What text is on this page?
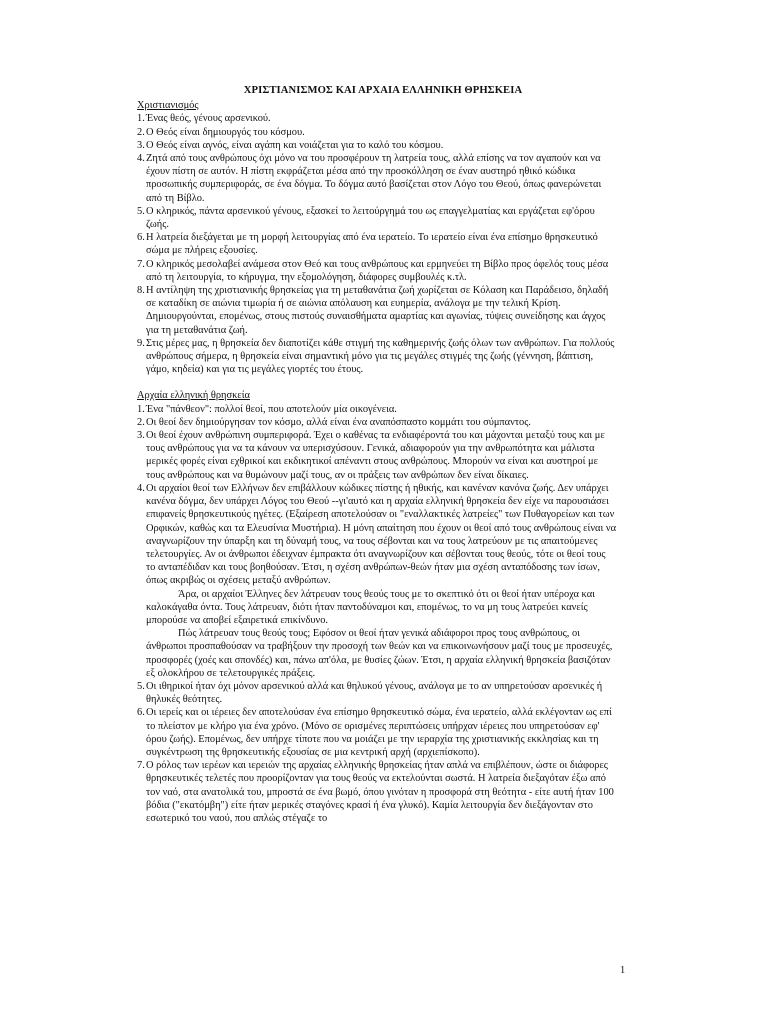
ΧΡΙΣΤΙΑΝΙΣΜΟΣ ΚΑΙ ΑΡΧΑΙΑ ΕΛΛΗΝΙΚΗ ΘΡΗΣΚΕΙΑ
Χριστιανισμός
1. Ένας θεός, γένους αρσενικού.

2. Ο Θεός είναι δημιουργός του κόσμου.

3. Ο Θεός είναι αγνός, είναι αγάπη και νοιάζεται για το καλό του κόσμου.

4. Ζητά από τους ανθρώπους όχι μόνο να του προσφέρουν τη λατρεία τους, αλλά επίσης να τον αγαπούν και να έχουν πίστη σε αυτόν. Η πίστη εκφράζεται μέσα από την προσκόλληση σε έναν αυστηρό ηθικό κώδικα προσωπικής συμπεριφοράς, σε ένα δόγμα. Το δόγμα αυτό βασίζεται στον Λόγο του Θεού, όπως φανερώνεται από τη Βίβλο.

5. Ο κληρικός, πάντα αρσενικού γένους, εξασκεί το λειτούργημά του ως επαγγελματίας και εργάζεται εφ'όρου ζωής.

6. Η λατρεία διεξάγεται με τη μορφή λειτουργίας από ένα ιερατείο. Το ιερατείο είναι ένα επίσημο θρησκευτικό σώμα με πλήρεις εξουσίες.

7. Ο κληρικός μεσολαβεί ανάμεσα στον Θεό και τους ανθρώπους και ερμηνεύει τη Βίβλο προς όφελός τους μέσα από τη λειτουργία, το κήρυγμα, την εξομολόγηση, διάφορες συμβουλές κ.τλ.

8. Η αντίληψη της χριστιανικής θρησκείας για τη μεταθανάτια ζωή χωρίζεται σε Κόλαση και Παράδεισο, δηλαδή σε καταδίκη σε αιώνια τιμωρία ή σε αιώνια απόλαυση και ευημερία, ανάλογα με την τελική Κρίση. Δημιουργούνται, επομένως, στους πιστούς συναισθήματα αμαρτίας και αγωνίας, τύψεις συνείδησης και άγχος για τη μεταθανάτια ζωή.

9. Στις μέρες μας, η θρησκεία δεν διαποτίζει κάθε στιγμή της καθημερινής ζωής όλων των ανθρώπων. Για πολλούς ανθρώπους σήμερα, η θρησκεία είναι σημαντική μόνο για τις μεγάλες στιγμές της ζωής (γέννηση, βάπτιση, γάμο, κηδεία) και για τις μεγάλες γιορτές του έτους.

Αρχαία ελληνική θρησκεία
1. Ένα "πάνθεον": πολλοί θεοί, που αποτελούν μία οικογένεια.

2. Οι θεοί δεν δημιούργησαν τον κόσμο, αλλά είναι ένα αναπόσπαστο κομμάτι του σύμπαντος.

3. Οι θεοί έχουν ανθρώπινη συμπεριφορά. Έχει ο καθένας τα ενδιαφέροντά του και μάχονται μεταξύ τους και με τους ανθρώπους για να τα κάνουν να υπερισχύσουν. Γενικά, αδιαφορούν για την ανθρωπότητα και μάλιστα μερικές φορές είναι εχθρικοί και εκδικητικοί απέναντι στους ανθρώπους. Μπορούν να είναι και αυστηροί με τους ανθρώπους και να θυμώνουν μαζί τους, αν οι πράξεις των ανθρώπων δεν είναι δίκαιες.

4. Οι αρχαίοι θεοί των Ελλήνων δεν επιβάλλουν κώδικες πίστης ή ηθικής, και κανέναν κανόνα ζωής. Δεν υπάρχει κανένα δόγμα, δεν υπάρχει Λόγος του Θεού --γι'αυτό και η αρχαία ελληνική θρησκεία δεν είχε να παρουσιάσει επιφανείς θρησκευτικούς ηγέτες. (Εξαίρεση αποτελούσαν οι "εναλλακτικές λατρείες" των Πυθαγορείων και των Ορφικών, καθώς και τα Ελευσίνια Μυστήρια). Η μόνη απαίτηση που έχουν οι θεοί από τους ανθρώπους είναι να αναγνωρίζουν την ύπαρξη και τη δύναμή τους, να τους σέβονται και να τους λατρεύουν με τις απαιτούμενες τελετουργίες. Αν οι άνθρωποι έδειχναν έμπρακτα ότι αναγνωρίζουν και σέβονται τους θεούς, τότε οι θεοί τους το ανταπέδιδαν και τους βοηθούσαν. Έτσι, η σχέση ανθρώπων-θεών ήταν μια σχέση ανταπόδοσης των ίσων, όπως ακριβώς οι σχέσεις μεταξύ ανθρώπων.

Άρα, οι αρχαίοι Έλληνες δεν λάτρευαν τους θεούς τους με το σκεπτικό ότι οι θεοί ήταν υπέροχα και καλοκάγαθα όντα. Τους λάτρευαν, διότι ήταν παντοδύναμοι και, επομένως, το να μη τους λατρεύει κανείς μπορούσε να αποβεί εξαιρετικά επικίνδυνο.

Πώς λάτρευαν τους θεούς τους; Εφόσον οι θεοί ήταν γενικά αδιάφοροι προς τους ανθρώπους, οι άνθρωποι προσπαθούσαν να τραβήξουν την προσοχή των θεών και να επικοινωνήσουν μαζί τους με προσευχές, προσφορές (χοές και σπονδές) και, πάνω απ'όλα, με θυσίες ζώων. Έτσι, η αρχαία ελληνική θρησκεία βασιζόταν εξ ολοκλήρου σε τελετουργικές πράξεις.

5. Οι ιθηρικοί ήταν όχι μόνον αρσενικού αλλά και θηλυκού γένους, ανάλογα με το αν υπηρετούσαν αρσενικές ή θηλυκές θεότητες.

6. Οι ιερείς και οι ιέρειες δεν αποτελούσαν ένα επίσημο θρησκευτικό σώμα, ένα ιερατείο, αλλά εκλέγονταν ως επί το πλείστον με κλήρο για ένα χρόνο. (Μόνο σε ορισμένες περιπτώσεις υπήρχαν ιέρειες που υπηρετούσαν εφ' όρου ζωής). Επομένως, δεν υπήρχε τίποτε που να μοιάζει με την ιεραρχία της χριστιανικής εκκλησίας και τη συγκέντρωση της θρησκευτικής εξουσίας σε μια κεντρική αρχή (αρχιεπίσκοπο).

7. Ο ρόλος των ιερέων και ιερειών της αρχαίας ελληνικής θρησκείας ήταν απλά να επιβλέπουν, ώστε οι διάφορες θρησκευτικές τελετές που προορίζονταν για τους θεούς να εκτελούνται σωστά. Η λατρεία διεξαγόταν έξω από τον ναό, στα ανατολικά του, μπροστά σε ένα βωμό, όπου γινόταν η προσφορά στη θεότητα - είτε αυτή ήταν 100 βόδια ("εκατόμβη") είτε ήταν μερικές σταγόνες κρασί ή ένα γλυκό). Καμία λειτουργία δεν διεξάγονταν στο εσωτερικό του ναού, που απλώς στέγαζε το

1
